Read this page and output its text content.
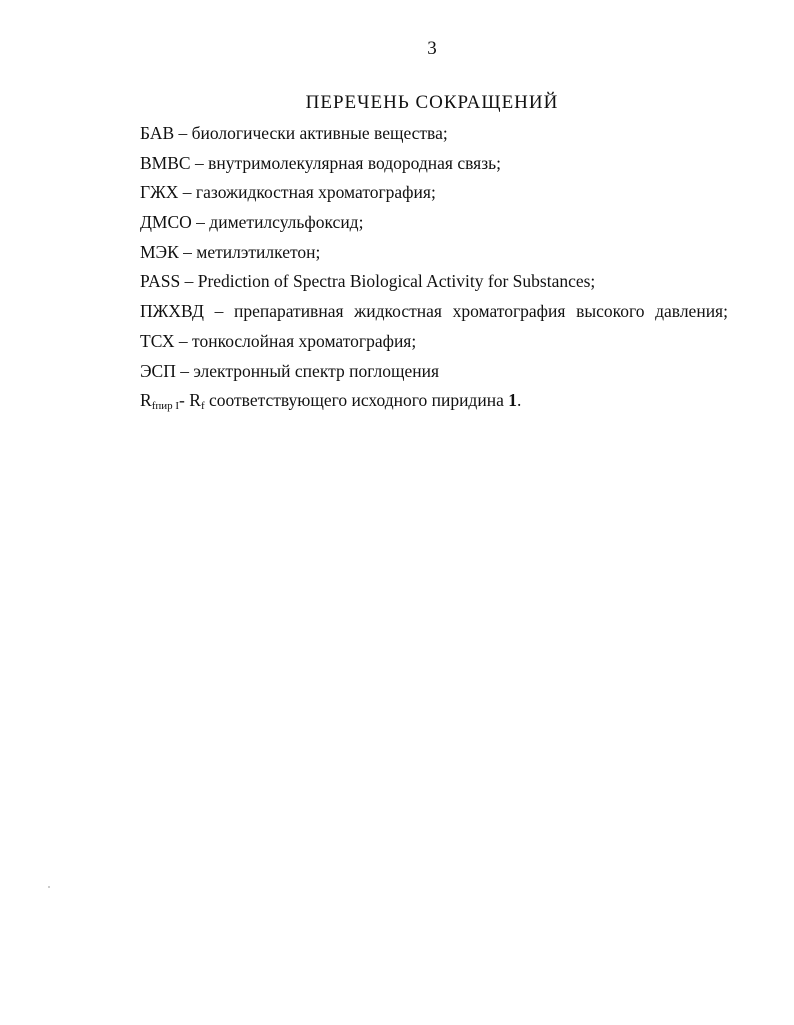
3
ПЕРЕЧЕНЬ СОКРАЩЕНИЙ
БАВ – биологически активные вещества;
ВМВС – внутримолекулярная водородная связь;
ГЖХ – газожидкостная хроматография;
ДМСО – диметилсульфоксид;
МЭК – метилэтилкетон;
PASS – Prediction of Spectra Biological Activity for Substances;
ПЖХВД – препаративная жидкостная хроматография высокого давления;
ТСХ – тонкослойная хроматография;
ЭСП – электронный спектр поглощения
$R_{fпир I}-$ $R_f$ соответствующего исходного пиридина 1.
